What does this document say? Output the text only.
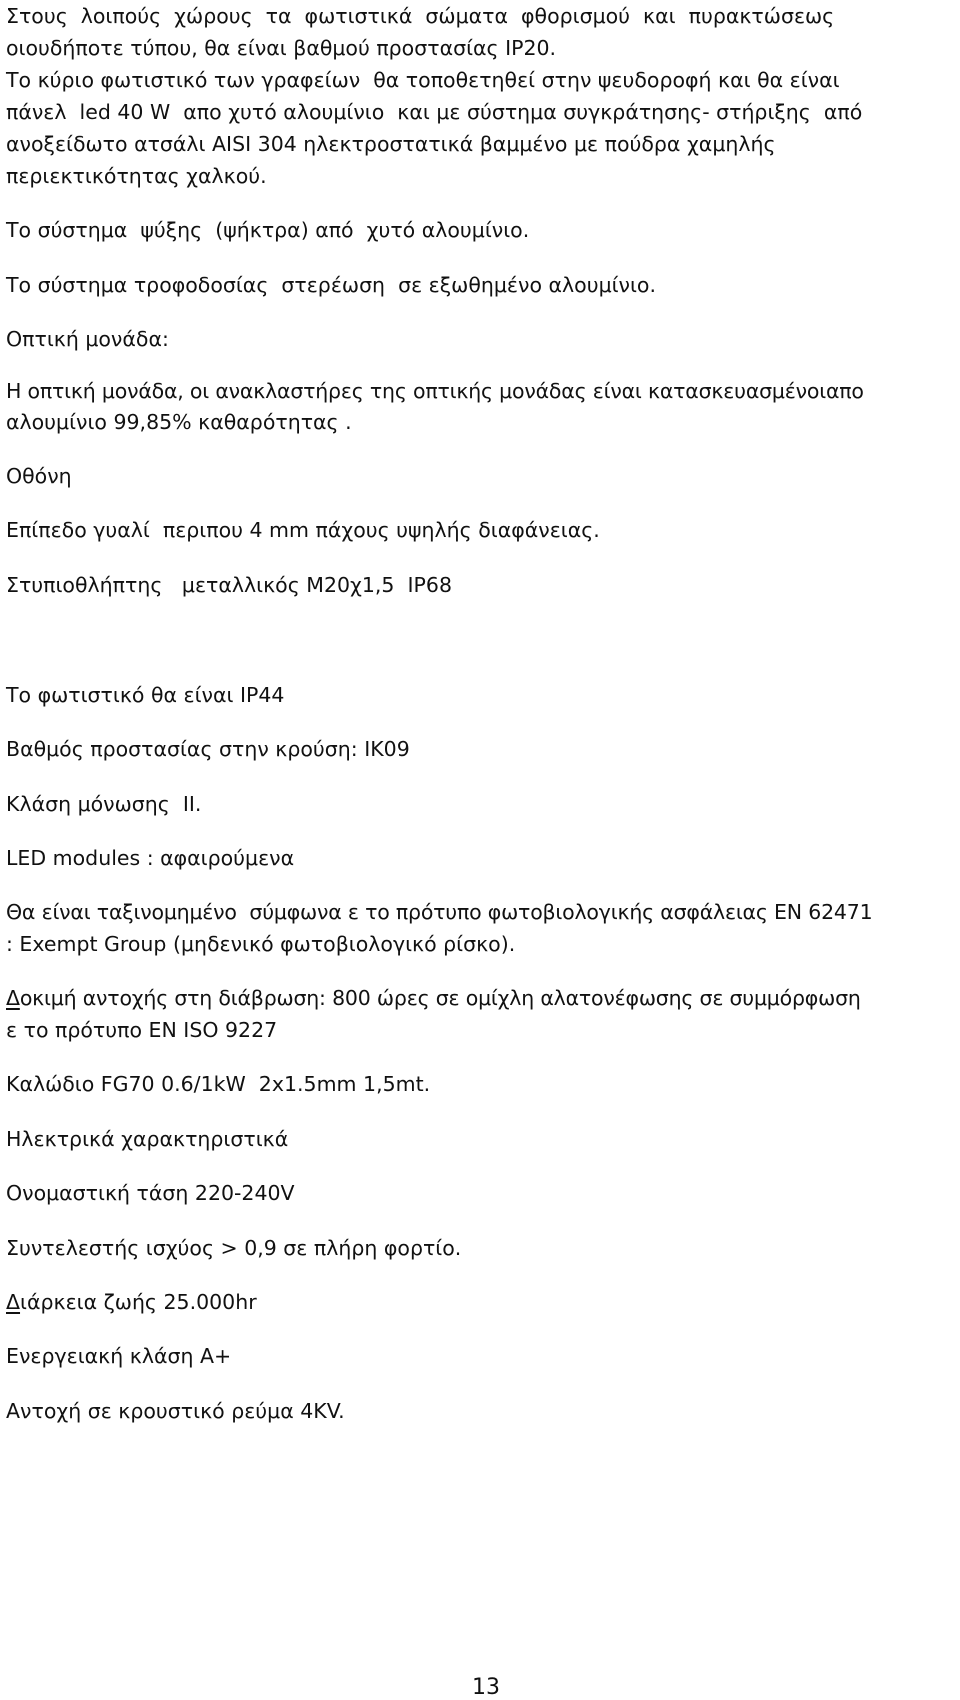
Στους  λοιπούς  χώρους  τα  φωτιστικά  σώματα  φθορισμού  και  πυρακτώσεως

οιουδήποτε τύπου, θα είναι βαθμού προστασίας IP20.

Το κύριο φωτιστικό των γραφείων  θα τοποθετηθεί στην ψευδοροφή και θα είναι

πάνελ  led 40 W  απο χυτό αλουμίνιο  και με σύστημα συγκράτησης- στήριξης  από

ανοξείδωτο ατσάλι AISI 304 ηλεκτροστατικά βαμμένο με πούδρα χαμηλής

περιεκτικότητας χαλκού.

Το σύστημα  ψύξης  (ψήκτρα) από  χυτό αλουμίνιο.

Το σύστημα τροφοδοσίας  στερέωση  σε εξωθημένο αλουμίνιο.

Οπτική μονάδα:

Η οπτική μονάδα, οι ανακλαστήρες της οπτικής μονάδας είναι κατασκευασμένοιαπο

αλουμίνιο 99,85% καθαρότητας .

Οθόνη

Επίπεδο γυαλί  περιπου 4 mm πάχους υψηλής διαφάνειας.

Στυπιοθλήπτης   μεταλλικός M20χ1,5  IP68

Το φωτιστικό θα είναι IP44

Βαθμός προστασίας στην κρούση: IK09

Κλάση μόνωσης  II.

LED modules : αφαιρούμενα

Θα είναι ταξινομημένο  σύμφωνα ε το πρότυπο φωτοβιολογικής ασφάλειας EN 62471

: Exempt Group (μηδενικό φωτοβιολογικό ρίσκο).

Δοκιμή αντοχής στη διάβρωση: 800 ώρες σε ομίχλη αλατονέφωσης σε συμμόρφωση

ε το πρότυπο EN ISO 9227

Καλώδιο FG70 0.6/1kW  2x1.5mm 1,5mt.

Ηλεκτρικά χαρακτηριστικά

Ονομαστική τάση 220-240V

Συντελεστής ισχύος > 0,9 σε πλήρη φορτίο.

Διάρκεια ζωής 25.000hr

Ενεργειακή κλάση Α+

Αντοχή σε κρουστικό ρεύμα 4KV.

13
